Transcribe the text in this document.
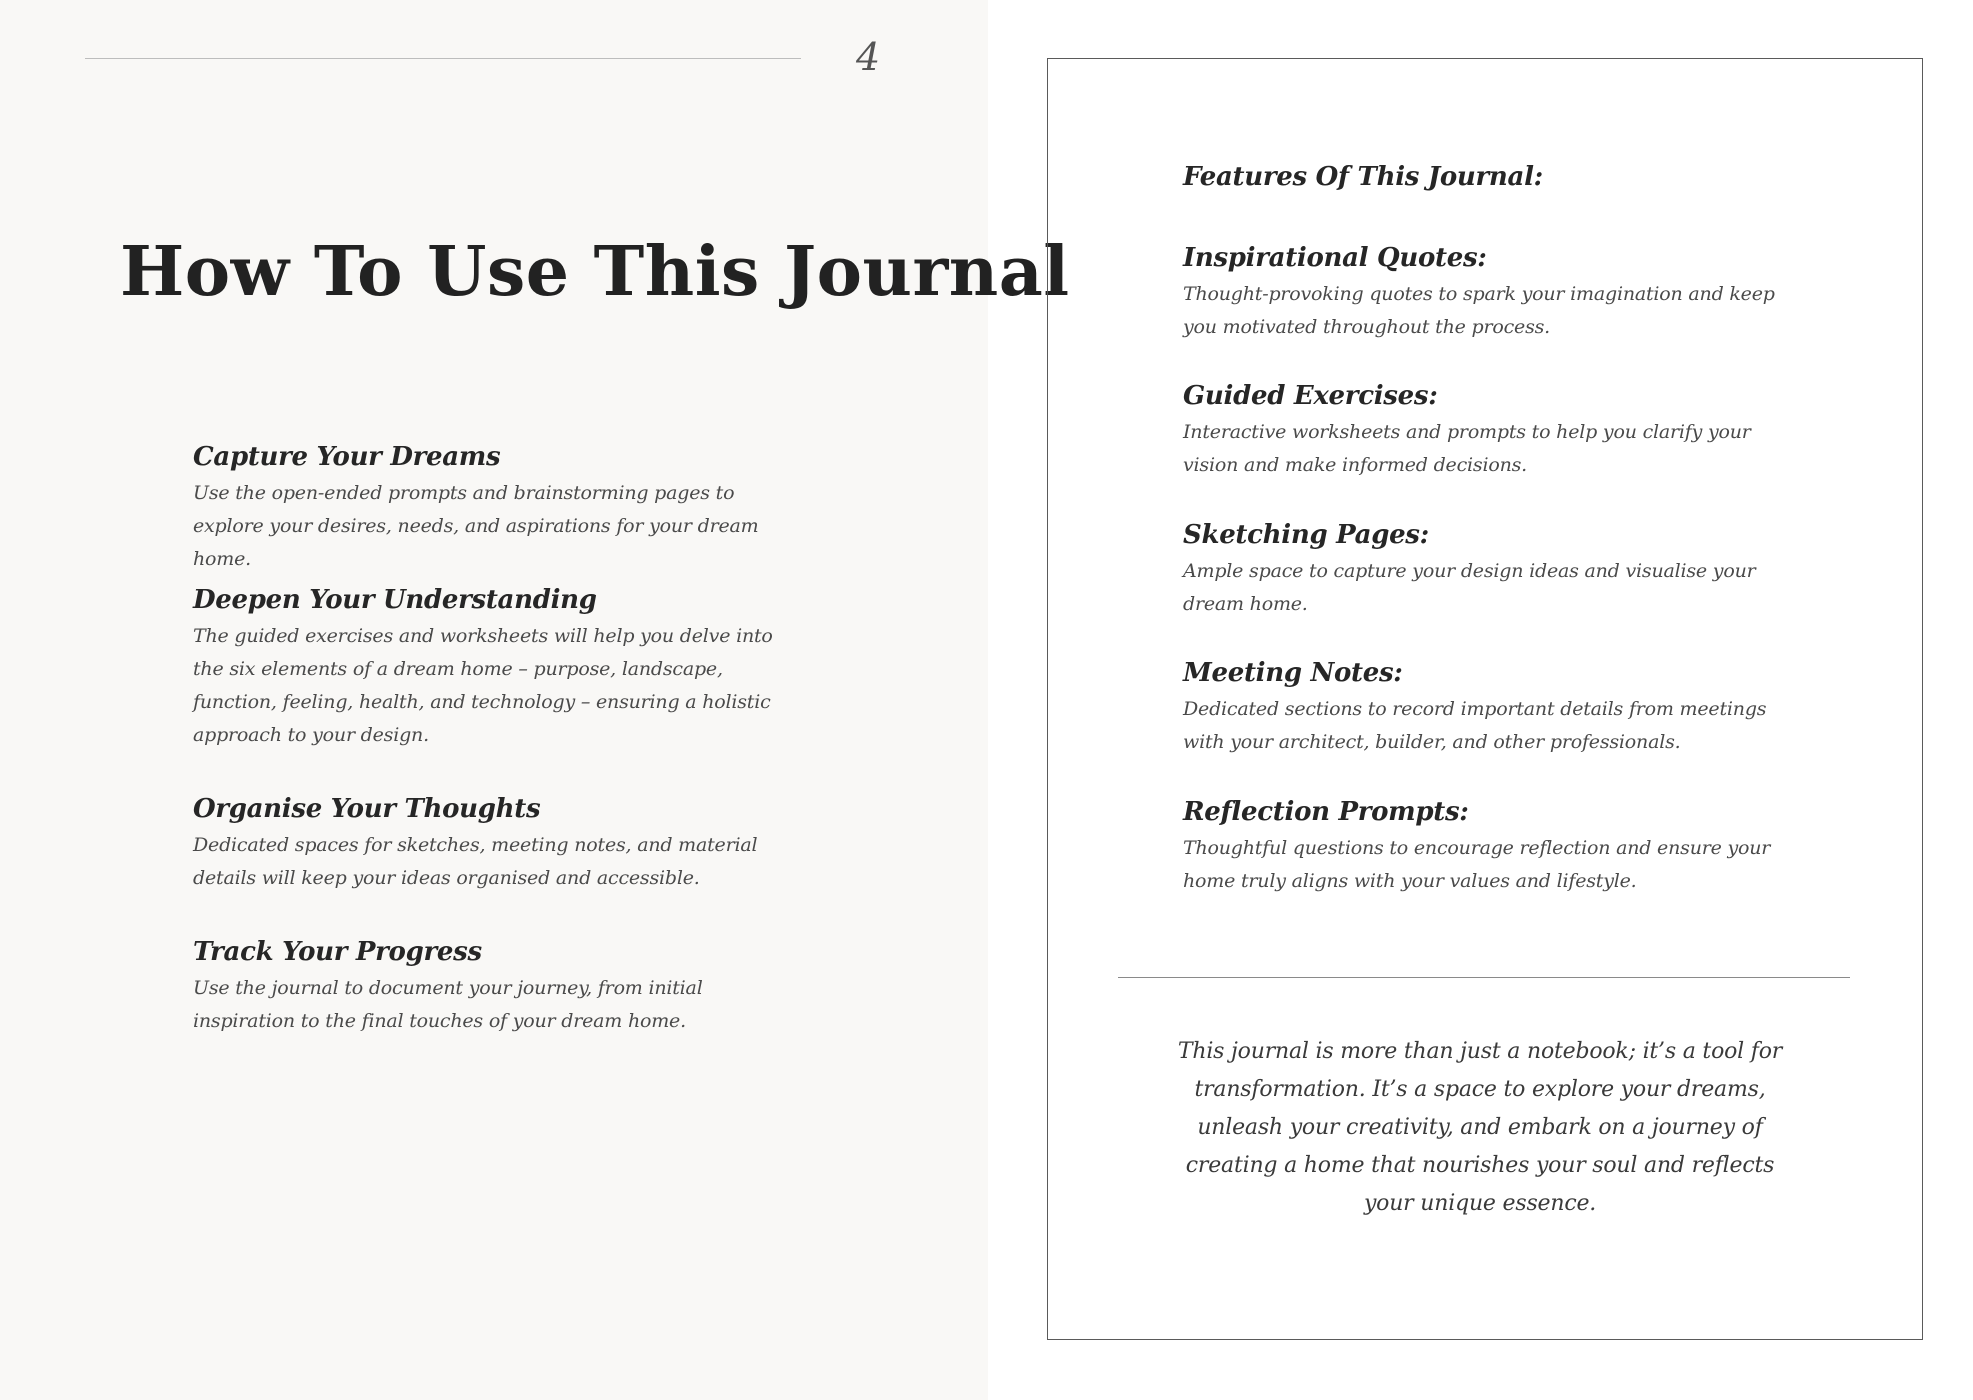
4
How To Use This Journal
Capture Your Dreams

Use the open-ended prompts and brainstorming pages to explore your desires, needs, and aspirations for your dream home.

Deepen Your Understanding

The guided exercises and worksheets will help you delve into the six elements of a dream home – purpose, landscape, function, feeling, health, and technology – ensuring a holistic approach to your design.

Organise Your Thoughts

Dedicated spaces for sketches, meeting notes, and material details will keep your ideas organised and accessible.

Track Your Progress

Use the journal to document your journey, from initial inspiration to the final touches of your dream home.

Features Of This Journal:
Inspirational Quotes:

Thought-provoking quotes to spark your imagination and keep you motivated throughout the process.

Guided Exercises:

Interactive worksheets and prompts to help you clarify your vision and make informed decisions.

Sketching Pages:

Ample space to capture your design ideas and visualise your dream home.

Meeting Notes:

Dedicated sections to record important details from meetings with your architect, builder, and other professionals.

Reflection Prompts:

Thoughtful questions to encourage reflection and ensure your home truly aligns with your values and lifestyle.

This journal is more than just a notebook; it’s a tool for transformation. It’s a space to explore your dreams, unleash your creativity, and embark on a journey of creating a home that nourishes your soul and reflects your unique essence.
